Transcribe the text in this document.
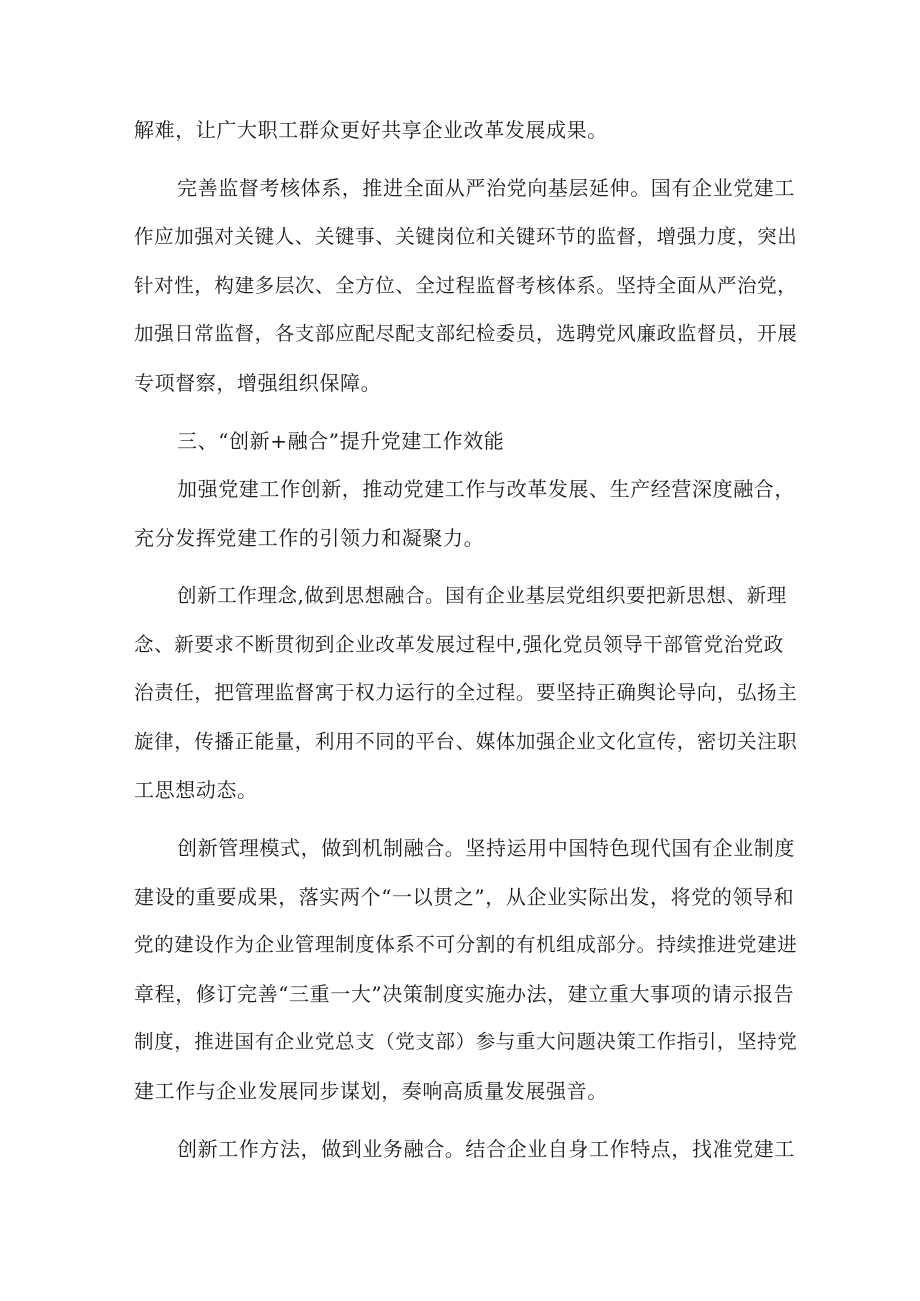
解难，让广大职工群众更好共享企业改革发展成果。
完善监督考核体系，推进全面从严治党向基层延伸。国有企业党建工
作应加强对关键人、关键事、关键岗位和关键环节的监督，增强力度，突出
针对性，构建多层次、全方位、全过程监督考核体系。坚持全面从严治党，
加强日常监督，各支部应配尽配支部纪检委员，选聘党风廉政监督员，开展
专项督察，增强组织保障。
三、“创新+融合”提升党建工作效能
加强党建工作创新，推动党建工作与改革发展、生产经营深度融合，
充分发挥党建工作的引领力和凝聚力。
创新工作理念,做到思想融合。国有企业基层党组织要把新思想、新理
念、新要求不断贯彻到企业改革发展过程中,强化党员领导干部管党治党政
治责任，把管理监督寓于权力运行的全过程。要坚持正确舆论导向，弘扬主
旋律，传播正能量，利用不同的平台、媒体加强企业文化宣传，密切关注职
工思想动态。
创新管理模式，做到机制融合。坚持运用中国特色现代国有企业制度
建设的重要成果，落实两个“一以贯之”，从企业实际出发，将党的领导和
党的建设作为企业管理制度体系不可分割的有机组成部分。持续推进党建进
章程，修订完善“三重一大”决策制度实施办法，建立重大事项的请示报告
制度，推进国有企业党总支（党支部）参与重大问题决策工作指引，坚持党
建工作与企业发展同步谋划，奏响高质量发展强音。
创新工作方法，做到业务融合。结合企业自身工作特点，找准党建工
